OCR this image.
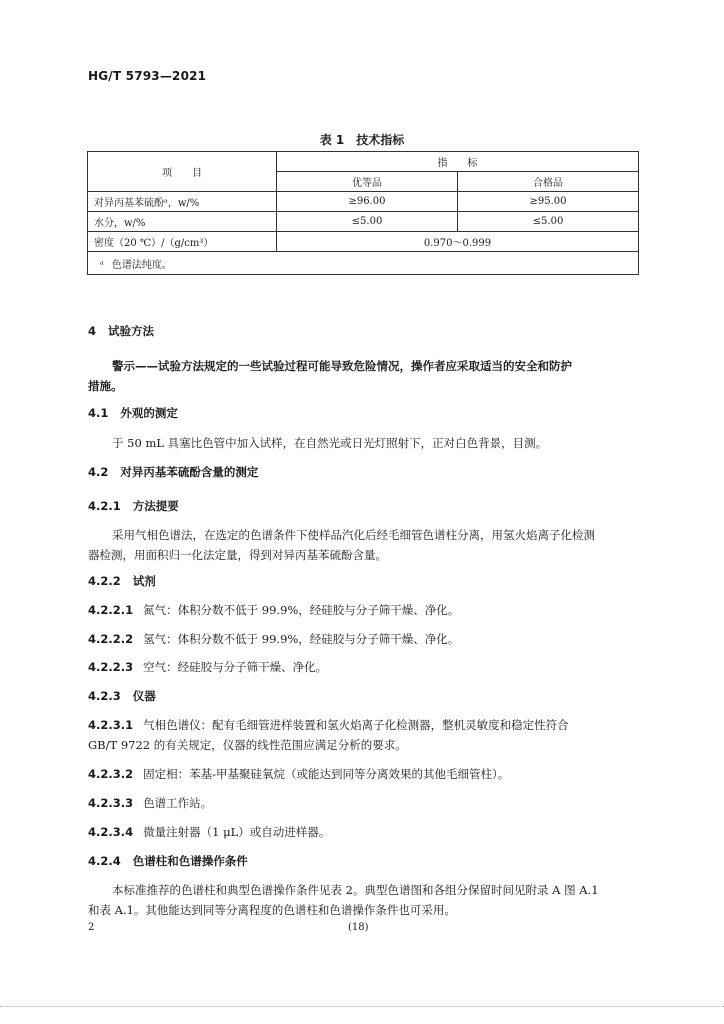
HG/T 5793—2021
表 1 技术指标
项　　目	指　　标	
	优等品	合格品
对异丙基苯硫酚ᵃ，w/%	≥96.00	≥95.00
水分，w/%	≤5.00	≤5.00
密度（20 ℃）/（g/cm³）	0.970～0.999	
ᵃ 色谱法纯度。		
4 试验方法
警示——试验方法规定的一些试验过程可能导致危险情况，操作者应采取适当的安全和防护
措施。
4.1 外观的测定
于 50 mL 具塞比色管中加入试样，在自然光或日光灯照射下，正对白色背景，目测。
4.2 对异丙基苯硫酚含量的测定
4.2.1 方法提要
采用气相色谱法，在选定的色谱条件下使样品汽化后经毛细管色谱柱分离，用氢火焰离子化检测
器检测，用面积归一化法定量，得到对异丙基苯硫酚含量。
4.2.2 试剂
4.2.2.1 氮气：体积分数不低于 99.9%，经硅胶与分子筛干燥、净化。
4.2.2.2 氢气：体积分数不低于 99.9%，经硅胶与分子筛干燥、净化。
4.2.2.3 空气：经硅胶与分子筛干燥、净化。
4.2.3 仪器
4.2.3.1 气相色谱仪：配有毛细管进样装置和氢火焰离子化检测器，整机灵敏度和稳定性符合
GB/T 9722 的有关规定，仪器的线性范围应满足分析的要求。
4.2.3.2 固定相：苯基-甲基聚硅氧烷（或能达到同等分离效果的其他毛细管柱）。
4.2.3.3 色谱工作站。
4.2.3.4 微量注射器（1 μL）或自动进样器。
4.2.4 色谱柱和色谱操作条件
本标准推荐的色谱柱和典型色谱操作条件见表 2。典型色谱图和各组分保留时间见附录 A 图 A.1
和表 A.1。其他能达到同等分离程度的色谱柱和色谱操作条件也可采用。
2	(18)
